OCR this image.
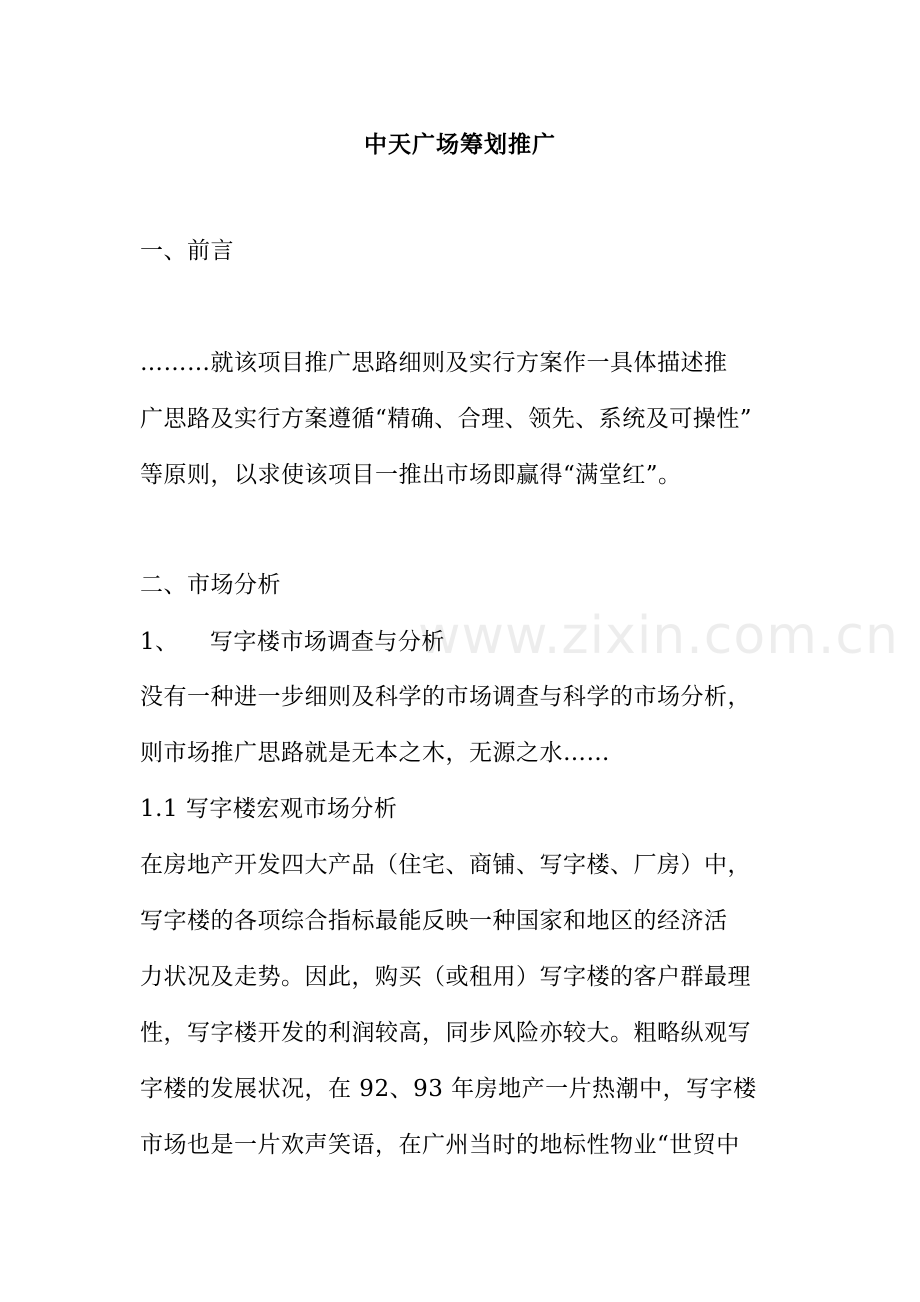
www.zixin.com.cn
中天广场筹划推广
一、前言
………就该项目推广思路细则及实行方案作一具体描述推
广思路及实行方案遵循“精确、合理、领先、系统及可操性”
等原则，以求使该项目一推出市场即赢得“满堂红”。
二、市场分析
1、    写字楼市场调查与分析
没有一种进一步细则及科学的市场调查与科学的市场分析，
则市场推广思路就是无本之木，无源之水……
1.1 写字楼宏观市场分析
在房地产开发四大产品（住宅、商铺、写字楼、厂房）中，
写字楼的各项综合指标最能反映一种国家和地区的经济活
力状况及走势。因此，购买（或租用）写字楼的客户群最理
性，写字楼开发的利润较高，同步风险亦较大。粗略纵观写
字楼的发展状况，在 92、93 年房地产一片热潮中，写字楼
市场也是一片欢声笑语，在广州当时的地标性物业“世贸中
